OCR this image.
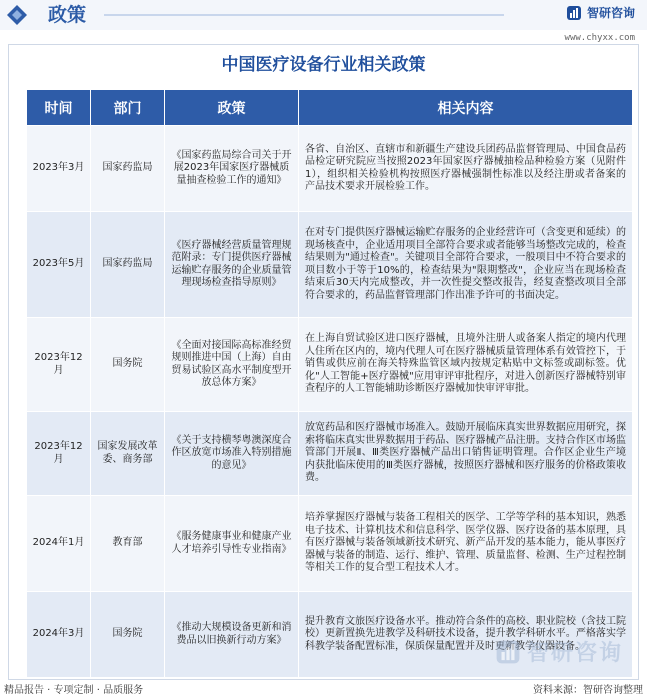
政策	智研咨询
www.chyxx.com
中国医疗设备行业相关政策
时间	部门	政策	相关内容
2023年3月	国家药监局	《国家药监局综合司关于开展2023年国家医疗器械质量抽查检验工作的通知》	各省、自治区、直辖市和新疆生产建设兵团药品监督管理局、中国食品药品检定研究院应当按照2023年国家医疗器械抽检品种检验方案（见附件1），组织相关检验机构按照医疗器械强制性标准以及经注册或者备案的产品技术要求开展检验工作。
2023年5月	国家药监局	《医疗器械经营质量管理规范附录：专门提供医疗器械运输贮存服务的企业质量管理现场检查指导原则》	在对专门提供医疗器械运输贮存服务的企业经营许可（含变更和延续）的现场核查中，企业适用项目全部符合要求或者能够当场整改完成的，检查结果则为"通过检查"。关键项目全部符合要求，一般项目中不符合要求的项目数小于等于10%的，检查结果为"限期整改"，企业应当在现场检查结束后30天内完成整改，并一次性提交整改报告，经复查整改项目全部符合要求的，药品监督管理部门作出准予许可的书面决定。
2023年12月	国务院	《全面对接国际高标准经贸规则推进中国（上海）自由贸易试验区高水平制度型开放总体方案》	在上海自贸试验区进口医疗器械，且境外注册人或备案人指定的境内代理人住所在区内的，境内代理人可在医疗器械质量管理体系有效管控下，于销售或供应前在海关特殊监管区域内按规定粘贴中文标签或副标签。优化"人工智能+医疗器械"应用审评审批程序，对进入创新医疗器械特别审查程序的人工智能辅助诊断医疗器械加快审评审批。
2023年12月	国家发展改革委、商务部	《关于支持横琴粤澳深度合作区放宽市场准入特别措施的意见》	放宽药品和医疗器械市场准入。鼓励开展临床真实世界数据应用研究，探索将临床真实世界数据用于药品、医疗器械产品注册。支持合作区市场监管部门开展Ⅱ、Ⅲ类医疗器械产品出口销售证明管理。合作区企业生产境内获批临床使用的Ⅲ类医疗器械，按照医疗器械和医疗服务的价格政策收费。
2024年1月	教育部	《服务健康事业和健康产业人才培养引导性专业指南》	培养掌握医疗器械与装备工程相关的医学、工学等学科的基本知识，熟悉电子技术、计算机技术和信息科学、医学仪器、医疗设备的基本原理，具有医疗器械与装备领域新技术研究、新产品开发的基本能力，能从事医疗器械与装备的制造、运行、维护、管理、质量监督、检测、生产过程控制等相关工作的复合型工程技术人才。
2024年3月	国务院	《推动大规模设备更新和消费品以旧换新行动方案》	提升教育文旅医疗设备水平。推动符合条件的高校、职业院校（含技工院校）更新置换先进教学及科研技术设备，提升教学科研水平。严格落实学科教学装备配置标准，保质保量配置并及时更新教学仪器设备。
智研咨询
精品报告 · 专项定制 · 品质服务	资料来源：智研咨询整理
